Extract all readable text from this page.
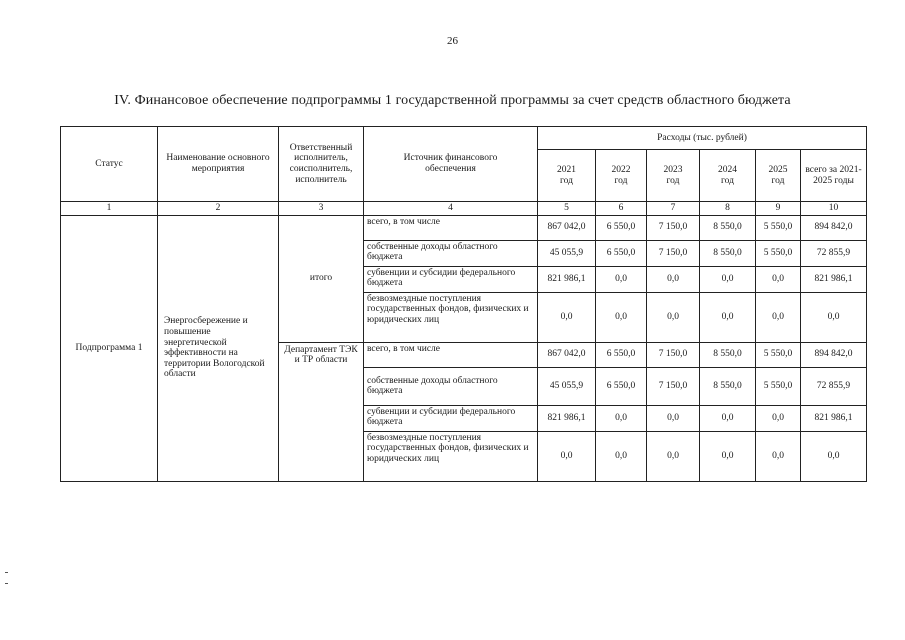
26
IV. Финансовое обеспечение подпрограммы 1 государственной программы за счет средств областного бюджета
Статус	Наименование основного мероприятия	Ответственный исполнитель, соисполнитель, исполнитель	Источник финансового обеспечения	Расходы (тыс. рублей)					
				2021 год	2022 год	2023 год	2024 год	2025 год	всего за 2021-2025 годы
1	2	3	4	5	6	7	8	9	10
Подпрограмма 1	Энергосбережение и повышение энергетической эффективности на территории Вологодской области	итого	всего, в том числе	867 042,0	6 550,0	7 150,0	8 550,0	5 550,0	894 842,0
			собственные доходы областного бюджета	45 055,9	6 550,0	7 150,0	8 550,0	5 550,0	72 855,9
			субвенции и субсидии федерального бюджета	821 986,1	0,0	0,0	0,0	0,0	821 986,1
			безвозмездные поступления государственных фондов, физических и юридических лиц	0,0	0,0	0,0	0,0	0,0	0,0
		Департамент ТЭК и ТР области	всего, в том числе	867 042,0	6 550,0	7 150,0	8 550,0	5 550,0	894 842,0
			собственные доходы областного бюджета	45 055,9	6 550,0	7 150,0	8 550,0	5 550,0	72 855,9
			субвенции и субсидии федерального бюджета	821 986,1	0,0	0,0	0,0	0,0	821 986,1
			безвозмездные поступления государственных фондов, физических и юридических лиц	0,0	0,0	0,0	0,0	0,0	0,0
